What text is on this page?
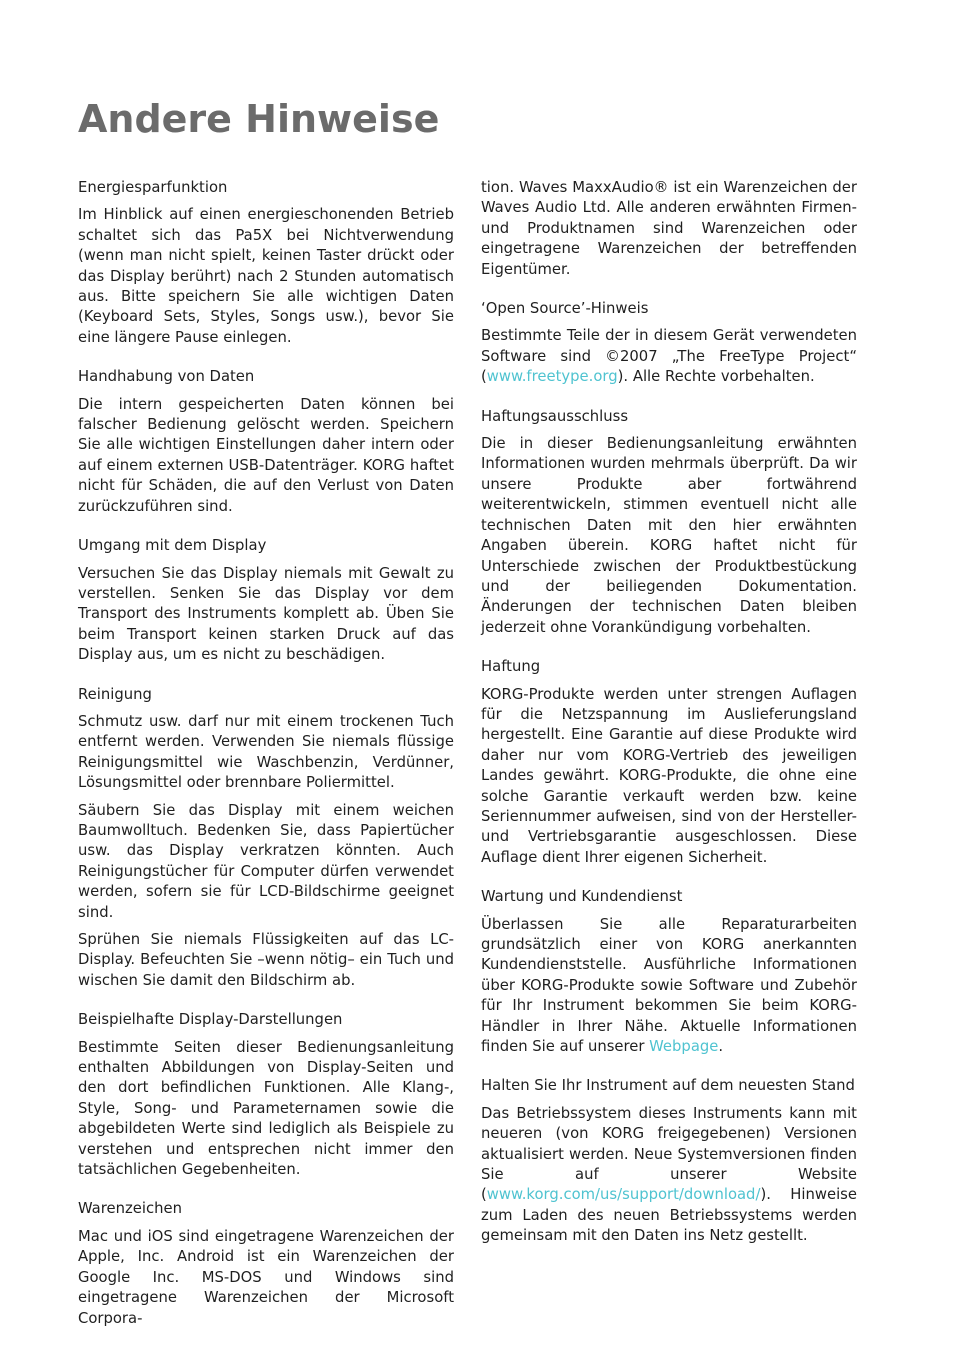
Andere Hinweise
Energiesparfunktion

Im Hinblick auf einen energieschonenden Betrieb schaltet sich das Pa5X bei Nichtverwendung (wenn man nicht spielt, keinen Taster drückt oder das Display berührt) nach 2 Stunden automatisch aus. Bitte speichern Sie alle wichtigen Daten (Keyboard Sets, Styles, Songs usw.), bevor Sie eine längere Pause einlegen.

Handhabung von Daten

Die intern gespeicherten Daten können bei falscher Bedienung gelöscht werden. Speichern Sie alle wichtigen Einstellungen daher intern oder auf einem externen USB-Datenträger. KORG haftet nicht für Schäden, die auf den Verlust von Daten zurückzuführen sind.

Umgang mit dem Display

Versuchen Sie das Display niemals mit Gewalt zu verstellen. Senken Sie das Display vor dem Transport des Instruments komplett ab. Üben Sie beim Transport keinen starken Druck auf das Display aus, um es nicht zu beschädigen.

Reinigung

Schmutz usw. darf nur mit einem trockenen Tuch entfernt werden. Verwenden Sie niemals flüssige Reinigungsmittel wie Waschbenzin, Verdünner, Lösungsmittel oder brennbare Poliermittel.

Säubern Sie das Display mit einem weichen Baumwolltuch. Bedenken Sie, dass Papiertücher usw. das Display verkratzen könnten. Auch Reinigungstücher für Computer dürfen verwendet werden, sofern sie für LCD-Bildschirme geeignet sind.

Sprühen Sie niemals Flüssigkeiten auf das LC-Display. Befeuchten Sie –wenn nötig– ein Tuch und wischen Sie damit den Bildschirm ab.

Beispielhafte Display-Darstellungen

Bestimmte Seiten dieser Bedienungsanleitung enthalten Abbildungen von Display-Seiten und den dort befindlichen Funktionen. Alle Klang-, Style, Song- und Parameternamen sowie die abgebildeten Werte sind lediglich als Beispiele zu verstehen und entsprechen nicht immer den tatsächlichen Gegebenheiten.

Warenzeichen

Mac und iOS sind eingetragene Warenzeichen der Apple, Inc. Android ist ein Warenzeichen der Google Inc. MS-DOS und Windows sind eingetragene Warenzeichen der Microsoft Corpora-

tion. Waves MaxxAudio® ist ein Warenzeichen der Waves Audio Ltd. Alle anderen erwähnten Firmen- und Produktnamen sind Warenzeichen oder eingetragene Warenzeichen der betreffenden Eigentümer.

‘Open Source’-Hinweis

Bestimmte Teile der in diesem Gerät verwendeten Software sind ©2007 „The FreeType Project“ (www.freetype.org). Alle Rechte vorbehalten.

Haftungsausschluss

Die in dieser Bedienungsanleitung erwähnten Informationen wurden mehrmals überprüft. Da wir unsere Produkte aber fortwährend weiterentwickeln, stimmen eventuell nicht alle technischen Daten mit den hier erwähnten Angaben überein. KORG haftet nicht für Unterschiede zwischen der Produktbestückung und der beiliegenden Dokumentation. Änderungen der technischen Daten bleiben jederzeit ohne Vorankündigung vorbehalten.

Haftung

KORG-Produkte werden unter strengen Auflagen für die Netzspannung im Auslieferungsland hergestellt. Eine Garantie auf diese Produkte wird daher nur vom KORG-Vertrieb des jeweiligen Landes gewährt. KORG-Produkte, die ohne eine solche Garantie verkauft werden bzw. keine Seriennummer aufweisen, sind von der Hersteller- und Vertriebsgarantie ausgeschlossen. Diese Auflage dient Ihrer eigenen Sicherheit.

Wartung und Kundendienst

Überlassen Sie alle Reparaturarbeiten grundsätzlich einer von KORG anerkannten Kundendienststelle. Ausführliche Informationen über KORG-Produkte sowie Software und Zubehör für Ihr Instrument bekommen Sie beim KORG-Händler in Ihrer Nähe. Aktuelle Informationen finden Sie auf unserer Webpage.

Halten Sie Ihr Instrument auf dem neuesten Stand

Das Betriebssystem dieses Instruments kann mit neueren (von KORG freigegebenen) Versionen aktualisiert werden. Neue Systemversionen finden Sie auf unserer Website (www.korg.com/us/support/download/). Hinweise zum Laden des neuen Betriebssystems werden gemeinsam mit den Daten ins Netz gestellt.
